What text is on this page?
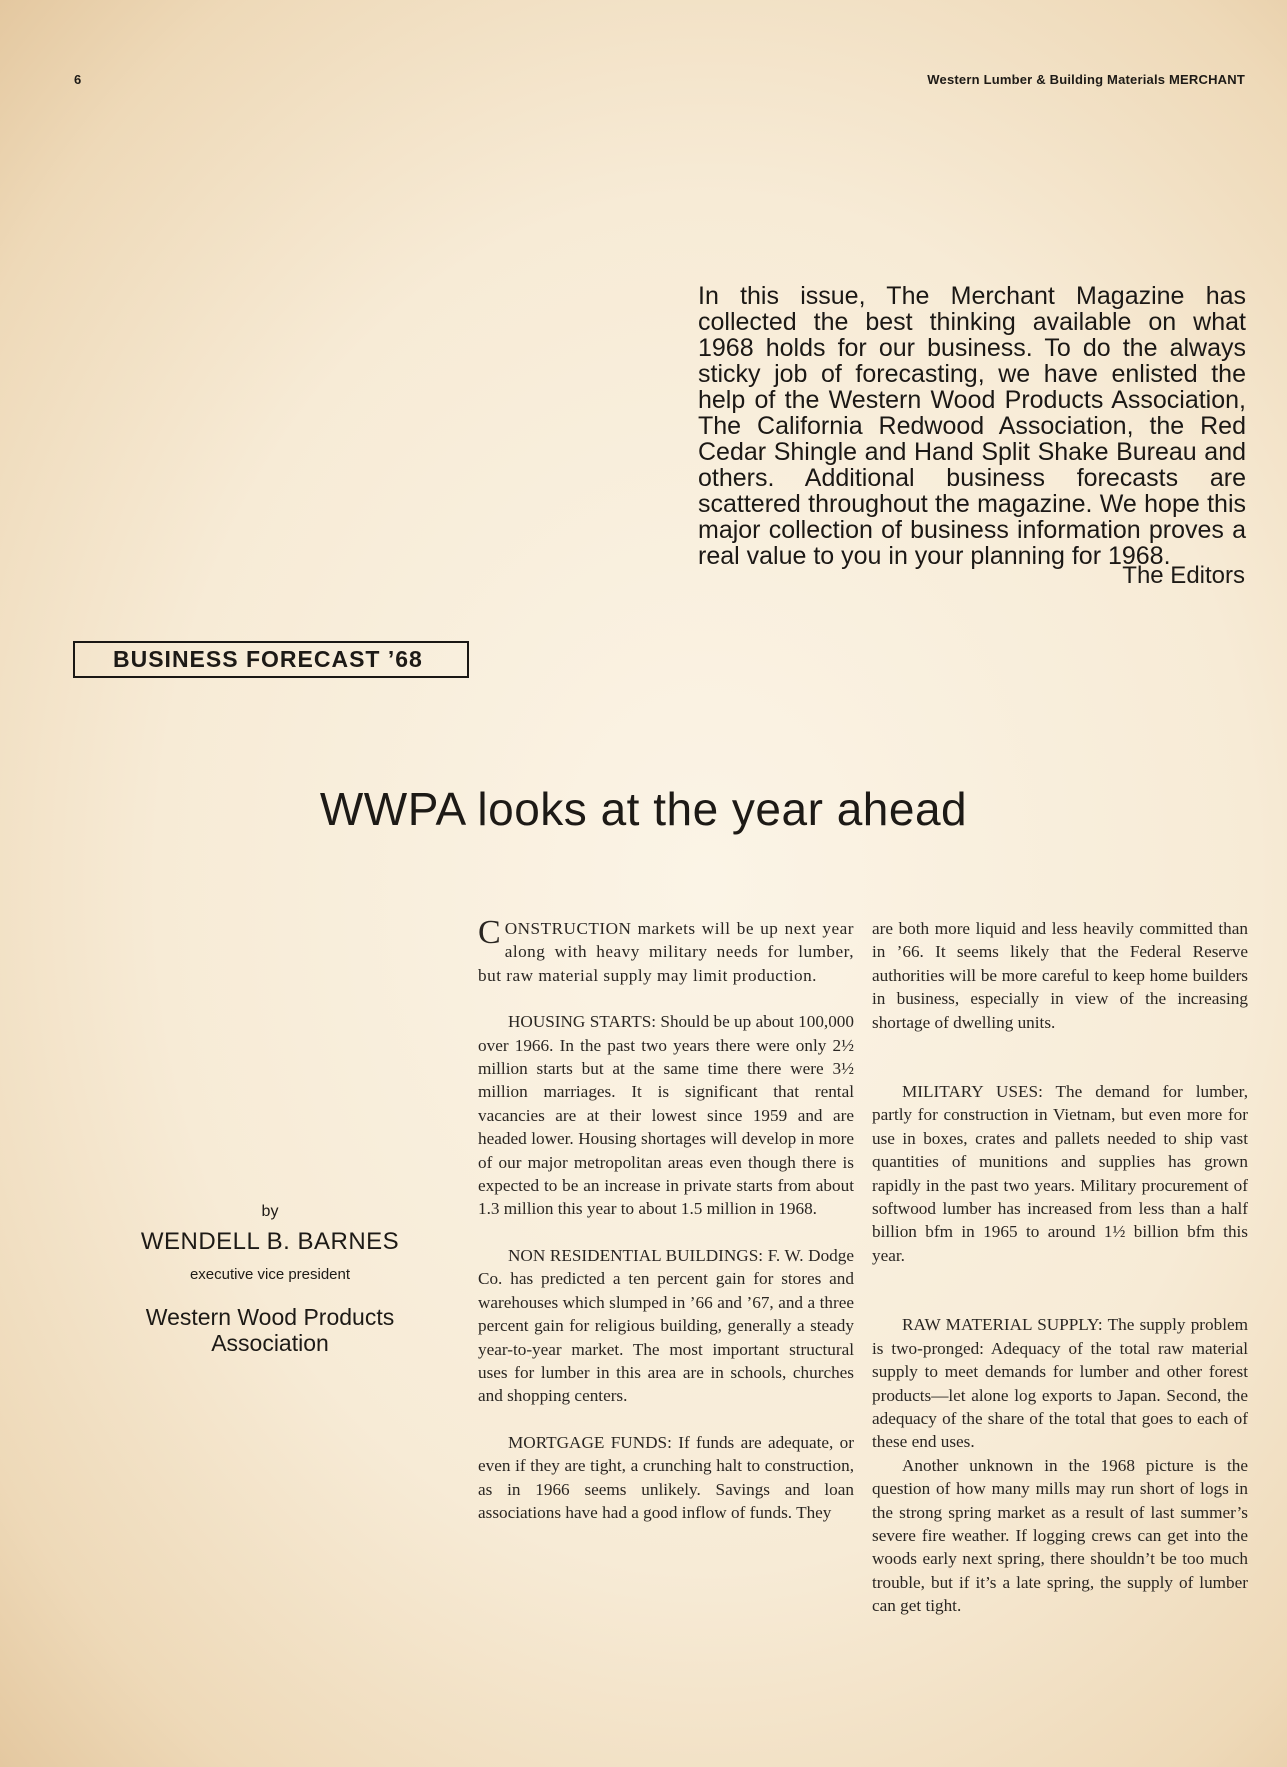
6	Western Lumber & Building Materials MERCHANT
In this issue, The Merchant Magazine has collected the best thinking available on what 1968 holds for our business. To do the always sticky job of forecasting, we have enlisted the help of the Western Wood Products Association, The California Redwood Association, the Red Cedar Shingle and Hand Split Shake Bureau and others. Additional business forecasts are scattered throughout the magazine. We hope this major collection of business information proves a real value to you in your planning for 1968.
The Editors
BUSINESS FORECAST ’68
WWPA looks at the year ahead
by
WENDELL B. BARNES
executive vice president
Western Wood Products Association

CONSTRUCTION markets will be up next year along with heavy military needs for lumber, but raw material supply may limit production.

HOUSING STARTS: Should be up about 100,000 over 1966. In the past two years there were only 2½ million starts but at the same time there were 3½ million marriages. It is significant that rental vacancies are at their lowest since 1959 and are headed lower. Housing shortages will develop in more of our major metropolitan areas even though there is expected to be an increase in private starts from about 1.3 million this year to about 1.5 million in 1968.

NON RESIDENTIAL BUILDINGS: F. W. Dodge Co. has predicted a ten percent gain for stores and warehouses which slumped in ’66 and ’67, and a three percent gain for religious building, generally a steady year-to-year market. The most important structural uses for lumber in this area are in schools, churches and shopping centers.

MORTGAGE FUNDS: If funds are adequate, or even if they are tight, a crunching halt to construction, as in 1966 seems unlikely. Savings and loan associations have had a good inflow of funds. They

are both more liquid and less heavily committed than in ’66. It seems likely that the Federal Reserve authorities will be more careful to keep home builders in business, especially in view of the increasing shortage of dwelling units.

MILITARY USES: The demand for lumber, partly for construction in Vietnam, but even more for use in boxes, crates and pallets needed to ship vast quantities of munitions and supplies has grown rapidly in the past two years. Military procurement of softwood lumber has increased from less than a half billion bfm in 1965 to around 1½ billion bfm this year.

RAW MATERIAL SUPPLY: The supply problem is two-pronged: Adequacy of the total raw material supply to meet demands for lumber and other forest products—let alone log exports to Japan. Second, the adequacy of the share of the total that goes to each of these end uses.

Another unknown in the 1968 picture is the question of how many mills may run short of logs in the strong spring market as a result of last summer’s severe fire weather. If logging crews can get into the woods early next spring, there shouldn’t be too much trouble, but if it’s a late spring, the supply of lumber can get tight.
